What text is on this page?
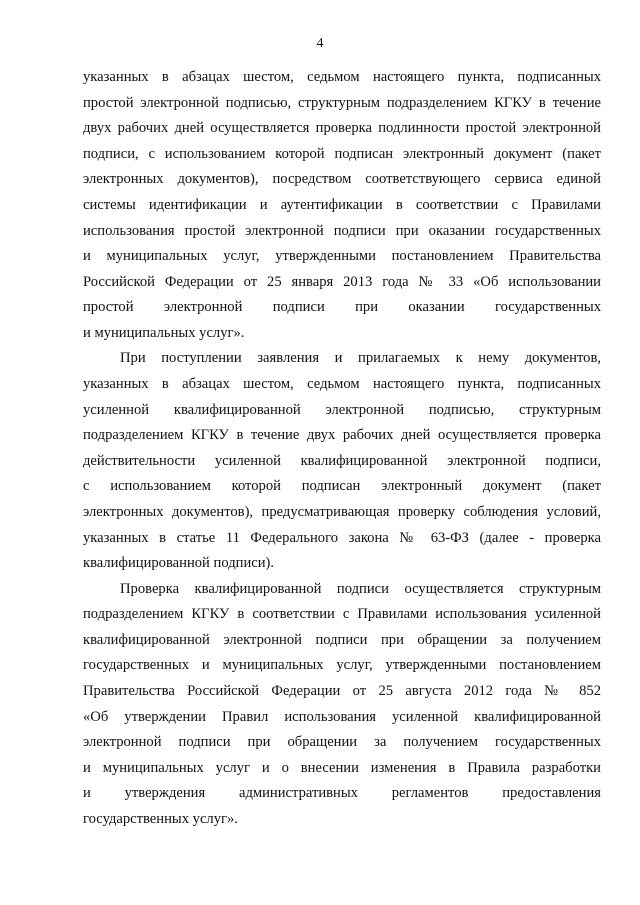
4
указанных в абзацах шестом, седьмом настоящего пункта, подписанных
простой электронной подписью, структурным подразделением КГКУ в течение
двух рабочих дней осуществляется проверка подлинности простой электронной
подписи, с использованием которой подписан электронный документ (пакет
электронных документов), посредством соответствующего сервиса единой
системы идентификации и аутентификации в соответствии с Правилами
использования простой электронной подписи при оказании государственных
и муниципальных услуг, утвержденными постановлением Правительства
Российской Федерации от 25 января 2013 года № 33 «Об использовании
простой электронной подписи при оказании государственных
и муниципальных услуг».
При поступлении заявления и прилагаемых к нему документов,
указанных в абзацах шестом, седьмом настоящего пункта, подписанных
усиленной квалифицированной электронной подписью, структурным
подразделением КГКУ в течение двух рабочих дней осуществляется проверка
действительности усиленной квалифицированной электронной подписи,
с использованием которой подписан электронный документ (пакет
электронных документов), предусматривающая проверку соблюдения условий,
указанных в статье 11 Федерального закона № 63-ФЗ (далее - проверка
квалифицированной подписи).
Проверка квалифицированной подписи осуществляется структурным
подразделением КГКУ в соответствии с Правилами использования усиленной
квалифицированной электронной подписи при обращении за получением
государственных и муниципальных услуг, утвержденными постановлением
Правительства Российской Федерации от 25 августа 2012 года № 852
«Об утверждении Правил использования усиленной квалифицированной
электронной подписи при обращении за получением государственных
и муниципальных услуг и о внесении изменения в Правила разработки
и утверждения административных регламентов предоставления
государственных услуг».
